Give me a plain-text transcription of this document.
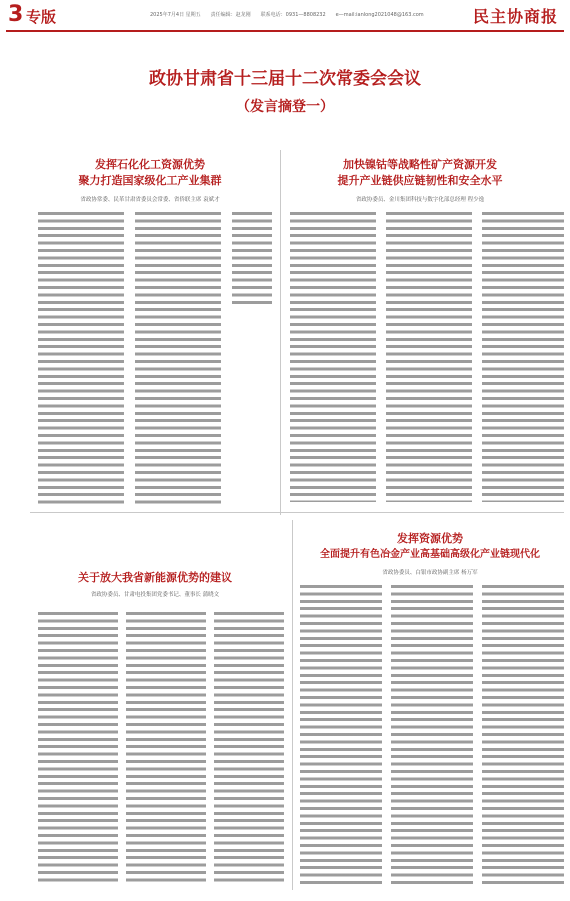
3 专版	2025年7月4日 星期五　　责任编辑：赵龙刚　　联系电话：0931—8808232　　e—mail:ianlong2021048@163.com	民主协商报
政协甘肃省十三届十二次常委会会议
（发言摘登一）
发挥石化化工资源优势
聚力打造国家级化工产业集群
省政协常委、民革甘肃省委员会常委、省侨联主席 袁斌才
加快镍钴等战略性矿产资源开发
提升产业链供应链韧性和安全水平
省政协委员、金川集团科技与数字化部总经理 程少逸
关于放大我省新能源优势的建议
省政协委员、甘肃电投集团党委书记、董事长 蒲晓文
发挥资源优势
全面提升有色冶金产业高基础高级化产业链现代化
省政协委员、白银市政协副主席 杨万军
